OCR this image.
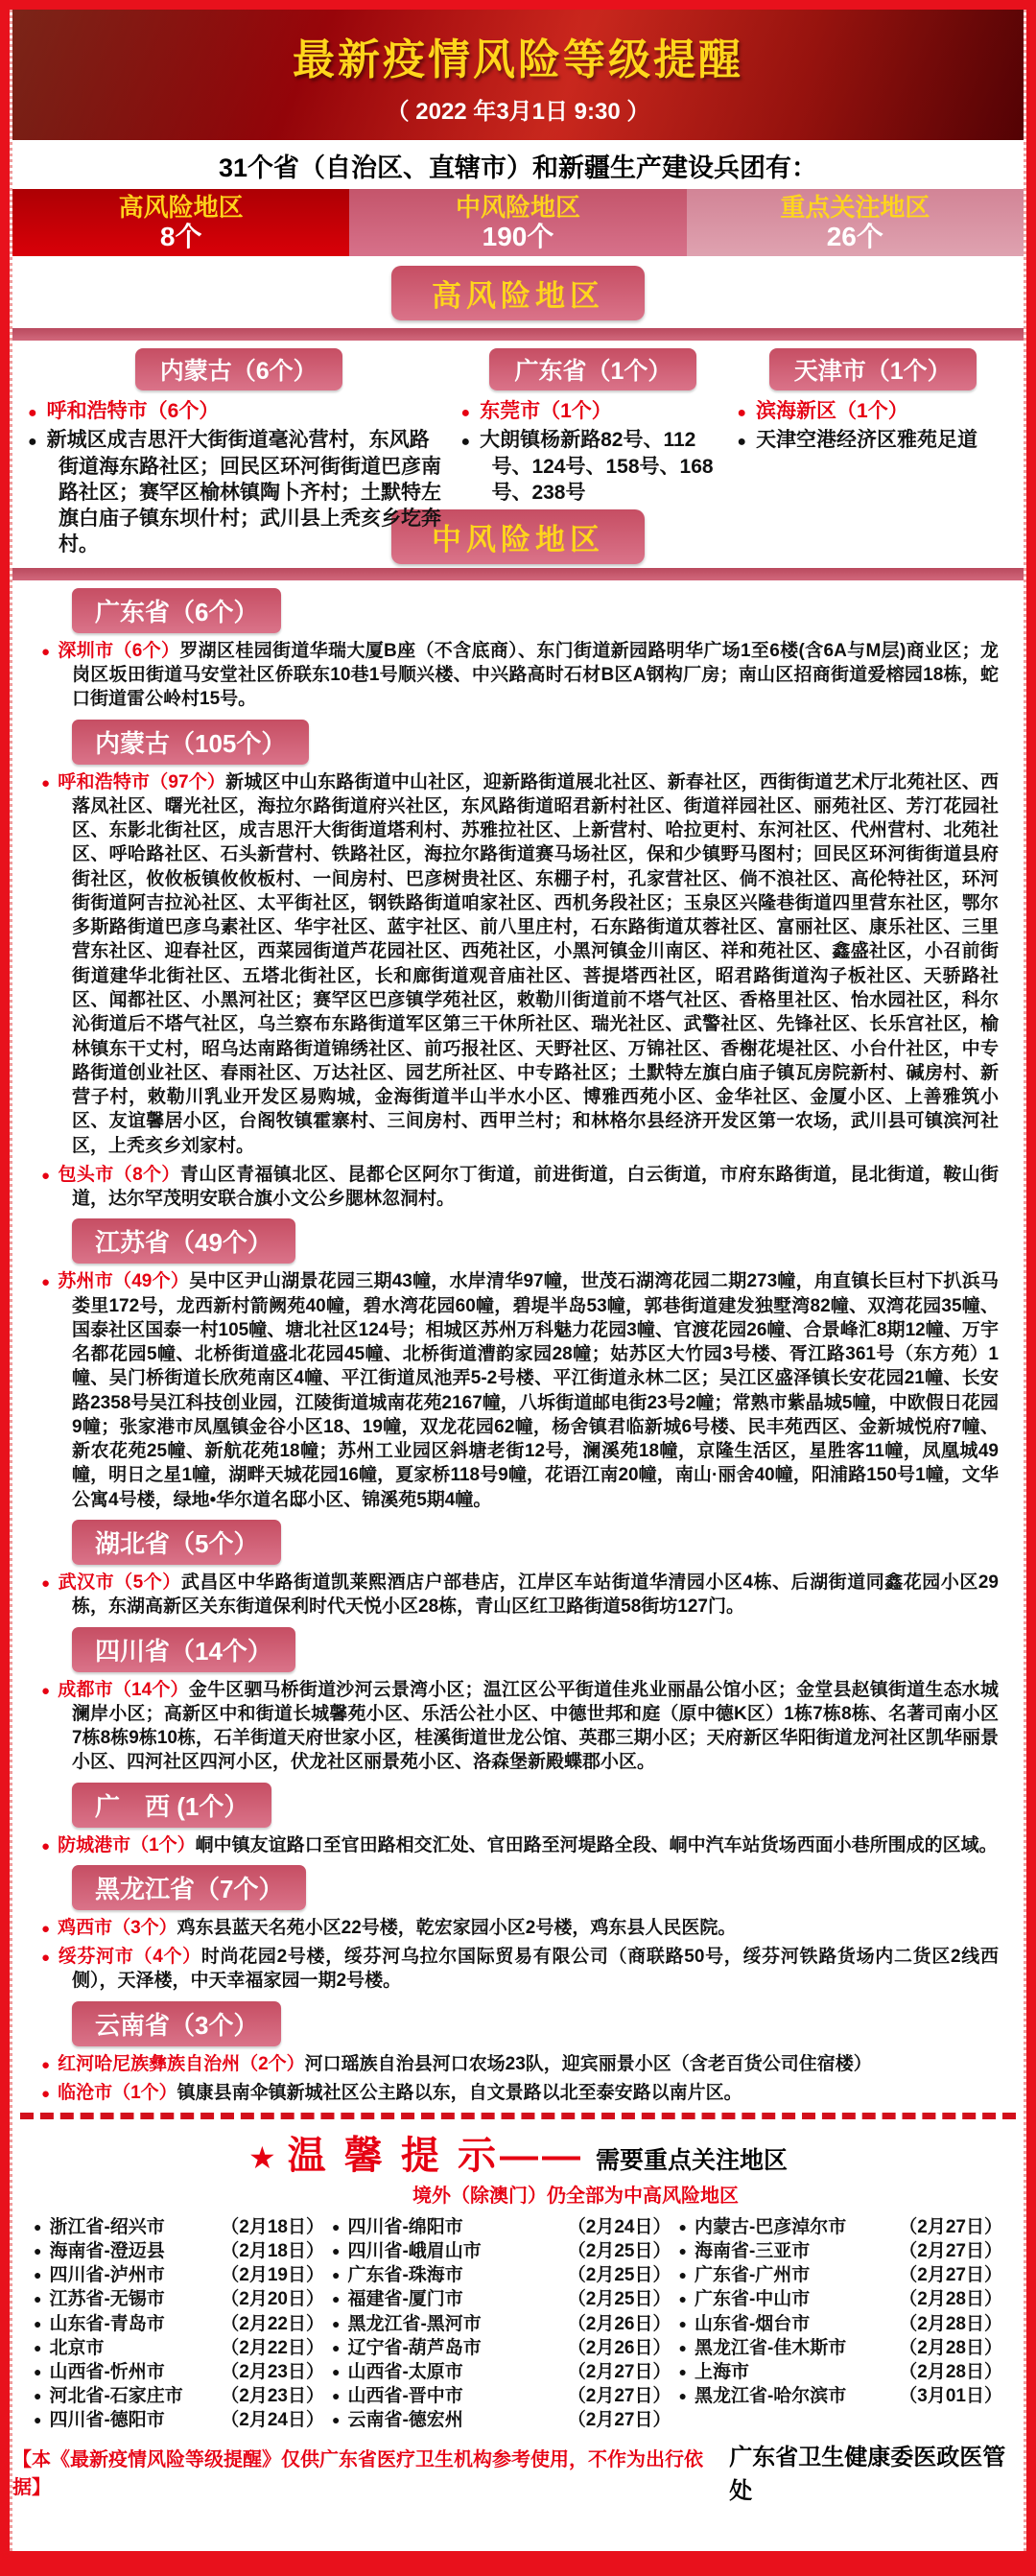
最新疫情风险等级提醒
（ 2022 年3月1日 9:30 ）
31个省（自治区、直辖市）和新疆生产建设兵团有：
高风险地区
8个
中风险地区
190个
重点关注地区
26个
高风险地区
内蒙古（6个）
● 呼和浩特市（6个）
● 新城区成吉思汗大街街道毫沁营村，东风路街道海东路社区；回民区环河街街道巴彦南路社区；赛罕区榆林镇陶卜齐村；土默特左旗白庙子镇东坝什村；武川县上秃亥乡圪奔村。
广东省（1个）
● 东莞市（1个）
● 大朗镇杨新路82号、112号、124号、158号、168号、238号
天津市（1个）
● 滨海新区（1个）
● 天津空港经济区雅苑足道
中风险地区
广东省（6个）

● 深圳市（6个）罗湖区桂园街道华瑞大厦B座（不含底商）、东门街道新园路明华广场1至6楼(含6A与M层)商业区；龙岗区坂田街道马安堂社区侨联东10巷1号顺兴楼、中兴路高时石材B区A钢构厂房；南山区招商街道爱榕园18栋，蛇口街道雷公岭村15号。

内蒙古（105个）

● 呼和浩特市（97个）新城区中山东路街道中山社区，迎新路街道展北社区、新春社区，西街街道艺术厅北苑社区、西落凤社区、曙光社区，海拉尔路街道府兴社区，东风路街道昭君新村社区、街道祥园社区、丽苑社区、芳汀花园社区、东影北街社区，成吉思汗大街街道塔利村、苏雅拉社区、上新营村、哈拉更村、东河社区、代州营村、北苑社区、呼哈路社区、石头新营村、铁路社区，海拉尔路街道赛马场社区，保和少镇野马图村；回民区环河街街道县府街社区，攸攸板镇攸攸板村、一间房村、巴彦树贵社区、东棚子村，孔家营社区、倘不浪社区、高伦特社区，环河街街道阿吉拉沁社区、太平街社区，钢铁路街道咱家社区、西机务段社区；玉泉区兴隆巷街道四里营东社区，鄂尔多斯路街道巴彦乌素社区、华宇社区、蓝宇社区、前八里庄村，石东路街道苁蓉社区、富丽社区、康乐社区、三里营东社区、迎春社区，西菜园街道芦花园社区、西苑社区，小黑河镇金川南区、祥和苑社区、鑫盛社区，小召前街街道建华北街社区、五塔北街社区，长和廊街道观音庙社区、菩提塔西社区，昭君路街道沟子板社区、天骄路社区、闻都社区、小黑河社区；赛罕区巴彦镇学苑社区，敕勒川街道前不塔气社区、香格里社区、怡水园社区，科尔沁街道后不塔气社区，乌兰察布东路街道军区第三干休所社区、瑞光社区、武警社区、先锋社区、长乐宫社区，榆林镇东干丈村，昭乌达南路街道锦绣社区、前巧报社区、天野社区、万锦社区、香榭花堤社区、小台什社区，中专路街道创业社区、春雨社区、万达社区、园艺所社区、中专路社区；土默特左旗白庙子镇瓦房院新村、碱房村、新营子村，敕勒川乳业开发区易购城，金海街道半山半水小区、博雅西苑小区、金华社区、金厦小区、上善雅筑小区、友谊馨居小区，台阁牧镇霍寨村、三间房村、西甲兰村；和林格尔县经济开发区第一农场，武川县可镇滨河社区，上秃亥乡刘家村。

● 包头市（8个）青山区青福镇北区、昆都仑区阿尔丁街道，前进街道，白云街道，市府东路街道，昆北街道，鞍山街道，达尔罕茂明安联合旗小文公乡腮林忽洞村。

江苏省（49个）

● 苏州市（49个）吴中区尹山湖景花园三期43幢，水岸清华97幢，世茂石湖湾花园二期273幢，甪直镇长巨村下扒浜马娄里172号，龙西新村箭阙苑40幢，碧水湾花园60幢，碧堤半岛53幢，郭巷街道建发独墅湾82幢、双湾花园35幢、国泰社区国泰一村105幢、塘北社区124号；相城区苏州万科魅力花园3幢、官渡花园26幢、合景峰汇8期12幢、万宇名都花园5幢、北桥街道盛北花园45幢、北桥街道漕韵家园28幢；姑苏区大竹园3号楼、胥江路361号（东方苑）1幢、吴门桥街道长欣苑南区4幢、平江街道凤池弄5-2号楼、平江街道永林二区；吴江区盛泽镇长安花园21幢、长安路2358号吴江科技创业园，江陵街道城南花苑2167幢，八坼街道邮电街23号2幢；常熟市紫晶城5幢，中欧假日花园9幢；张家港市凤凰镇金谷小区18、19幢，双龙花园62幢，杨舍镇君临新城6号楼、民丰苑西区、金新城悦府7幢、新农花苑25幢、新航花苑18幢；苏州工业园区斜塘老街12号，澜溪苑18幢，京隆生活区，星胜客11幢，凤凰城49幢，明日之星1幢，湖畔天城花园16幢，夏家桥118号9幢，花语江南20幢，南山·丽舍40幢，阳浦路150号1幢，文华公寓4号楼，绿地•华尔道名邸小区、锦溪苑5期4幢。

湖北省（5个）

● 武汉市（5个）武昌区中华路街道凯莱熙酒店户部巷店，江岸区车站街道华清园小区4栋、后湖街道同鑫花园小区29栋，东湖高新区关东街道保利时代天悦小区28栋，青山区红卫路街道58街坊127门。

四川省（14个）

● 成都市（14个）金牛区驷马桥街道沙河云景湾小区；温江区公平街道佳兆业丽晶公馆小区；金堂县赵镇街道生态水城澜岸小区；高新区中和街道长城馨苑小区、乐活公社小区、中德世邦和庭（原中德K区）1栋7栋8栋、名著司南小区7栋8栋9栋10栋，石羊街道天府世家小区，桂溪街道世龙公馆、英郡三期小区；天府新区华阳街道龙河社区凯华丽景小区、四河社区四河小区，伏龙社区丽景苑小区、洛森堡新殿蝶郡小区。

广　西 (1个）

● 防城港市（1个）峒中镇友谊路口至官田路相交汇处、官田路至河堤路全段、峒中汽车站货场西面小巷所围成的区域。

黑龙江省（7个）

● 鸡西市（3个）鸡东县蓝天名苑小区22号楼，乾宏家园小区2号楼，鸡东县人民医院。

● 绥芬河市（4个）时尚花园2号楼，绥芬河乌拉尔国际贸易有限公司（商联路50号，绥芬河铁路货场内二货区2线西侧），天泽楼，中天幸福家园一期2号楼。

云南省（3个）

● 红河哈尼族彝族自治州（2个）河口瑶族自治县河口农场23队，迎宾丽景小区（含老百货公司住宿楼）

● 临沧市（1个）镇康县南伞镇新城社区公主路以东，自文景路以北至泰安路以南片区。

★ 温 馨 提 示—— 需要重点关注地区
境外（除澳门）仍全部为中高风险地区
● 浙江省-绍兴市	（2月18日）
● 海南省-澄迈县	（2月18日）
● 四川省-泸州市	（2月19日）
● 江苏省-无锡市	（2月20日）
● 山东省-青岛市	（2月22日）
● 北京市	（2月22日）
● 山西省-忻州市	（2月23日）
● 河北省-石家庄市	（2月23日）
● 四川省-德阳市	（2月24日）
● 四川省-绵阳市	（2月24日）
● 四川省-峨眉山市	（2月25日）
● 广东省-珠海市	（2月25日）
● 福建省-厦门市	（2月25日）
● 黑龙江省-黑河市	（2月26日）
● 辽宁省-葫芦岛市	（2月26日）
● 山西省-太原市	（2月27日）
● 山西省-晋中市	（2月27日）
● 云南省-德宏州	（2月27日）
● 内蒙古-巴彦淖尔市	（2月27日）
● 海南省-三亚市	（2月27日）
● 广东省-广州市	（2月27日）
● 广东省-中山市	（2月28日）
● 山东省-烟台市	（2月28日）
● 黑龙江省-佳木斯市	（2月28日）
● 上海市	（2月28日）
● 黑龙江省-哈尔滨市	（3月01日）
【本《最新疫情风险等级提醒》仅供广东省医疗卫生机构参考使用，不作为出行依据】
广东省卫生健康委医政医管处
